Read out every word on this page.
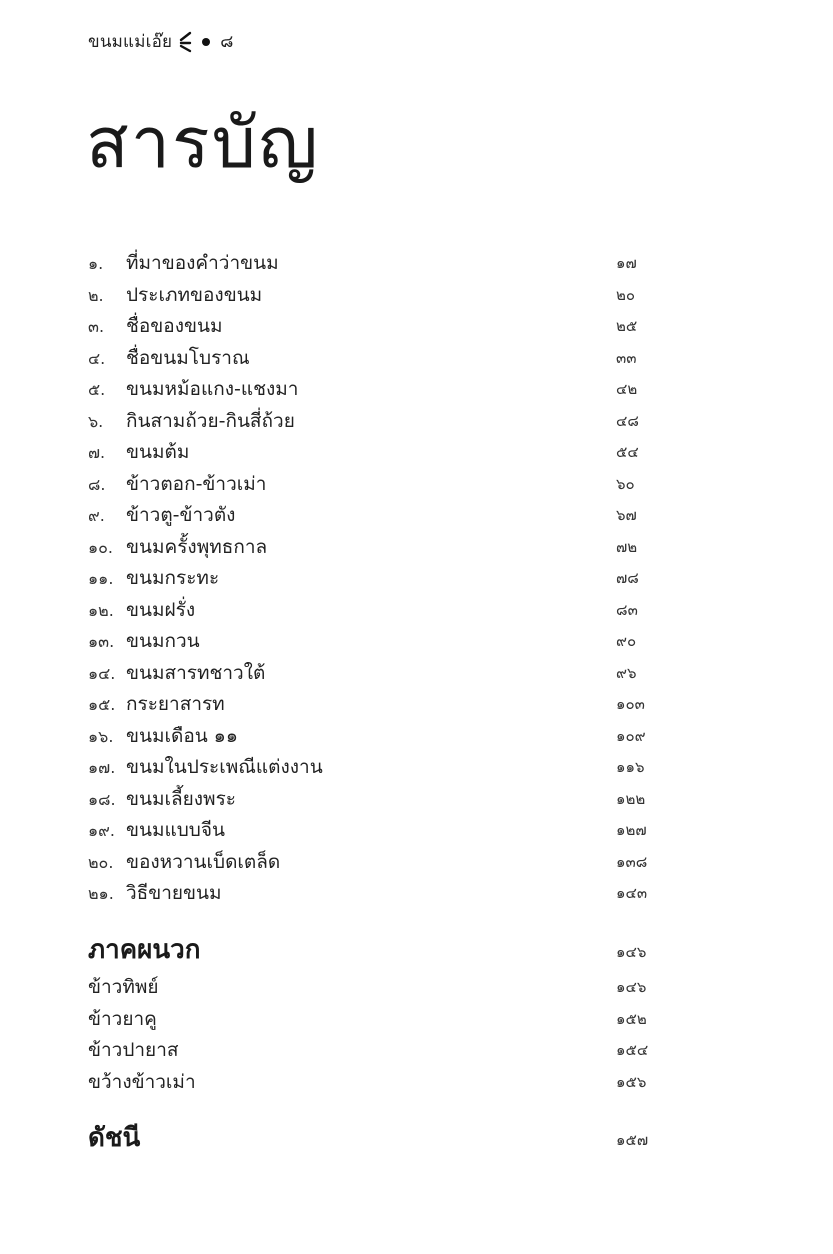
ขนมแม่เอ๊ย	๘
สารบัญ
๑. ที่มาของคำว่าขนม	๑๗
๒. ประเภทของขนม	๒๐
๓. ชื่อของขนม	๒๕
๔. ชื่อขนมโบราณ	๓๓
๕. ขนมหม้อแกง-แชงมา	๔๒
๖. กินสามถ้วย-กินสี่ถ้วย	๔๘
๗. ขนมต้ม	๕๔
๘. ข้าวตอก-ข้าวเม่า	๖๐
๙. ข้าวตู-ข้าวตัง	๖๗
๑๐. ขนมครั้งพุทธกาล	๗๒
๑๑. ขนมกระทะ	๗๘
๑๒. ขนมฝรั่ง	๘๓
๑๓. ขนมกวน	๙๐
๑๔. ขนมสารทชาวใต้	๙๖
๑๕. กระยาสารท	๑๐๓
๑๖. ขนมเดือน ๑๑	๑๐๙
๑๗. ขนมในประเพณีแต่งงาน	๑๑๖
๑๘. ขนมเลี้ยงพระ	๑๒๒
๑๙. ขนมแบบจีน	๑๒๗
๒๐. ของหวานเบ็ดเตล็ด	๑๓๘
๒๑. วิธีขายขนม	๑๔๓
ภาคผนวก	๑๔๖
ข้าวทิพย์	๑๔๖
ข้าวยาคู	๑๕๒
ข้าวปายาส	๑๕๔
ขว้างข้าวเม่า	๑๕๖
ดัชนี	๑๕๗
